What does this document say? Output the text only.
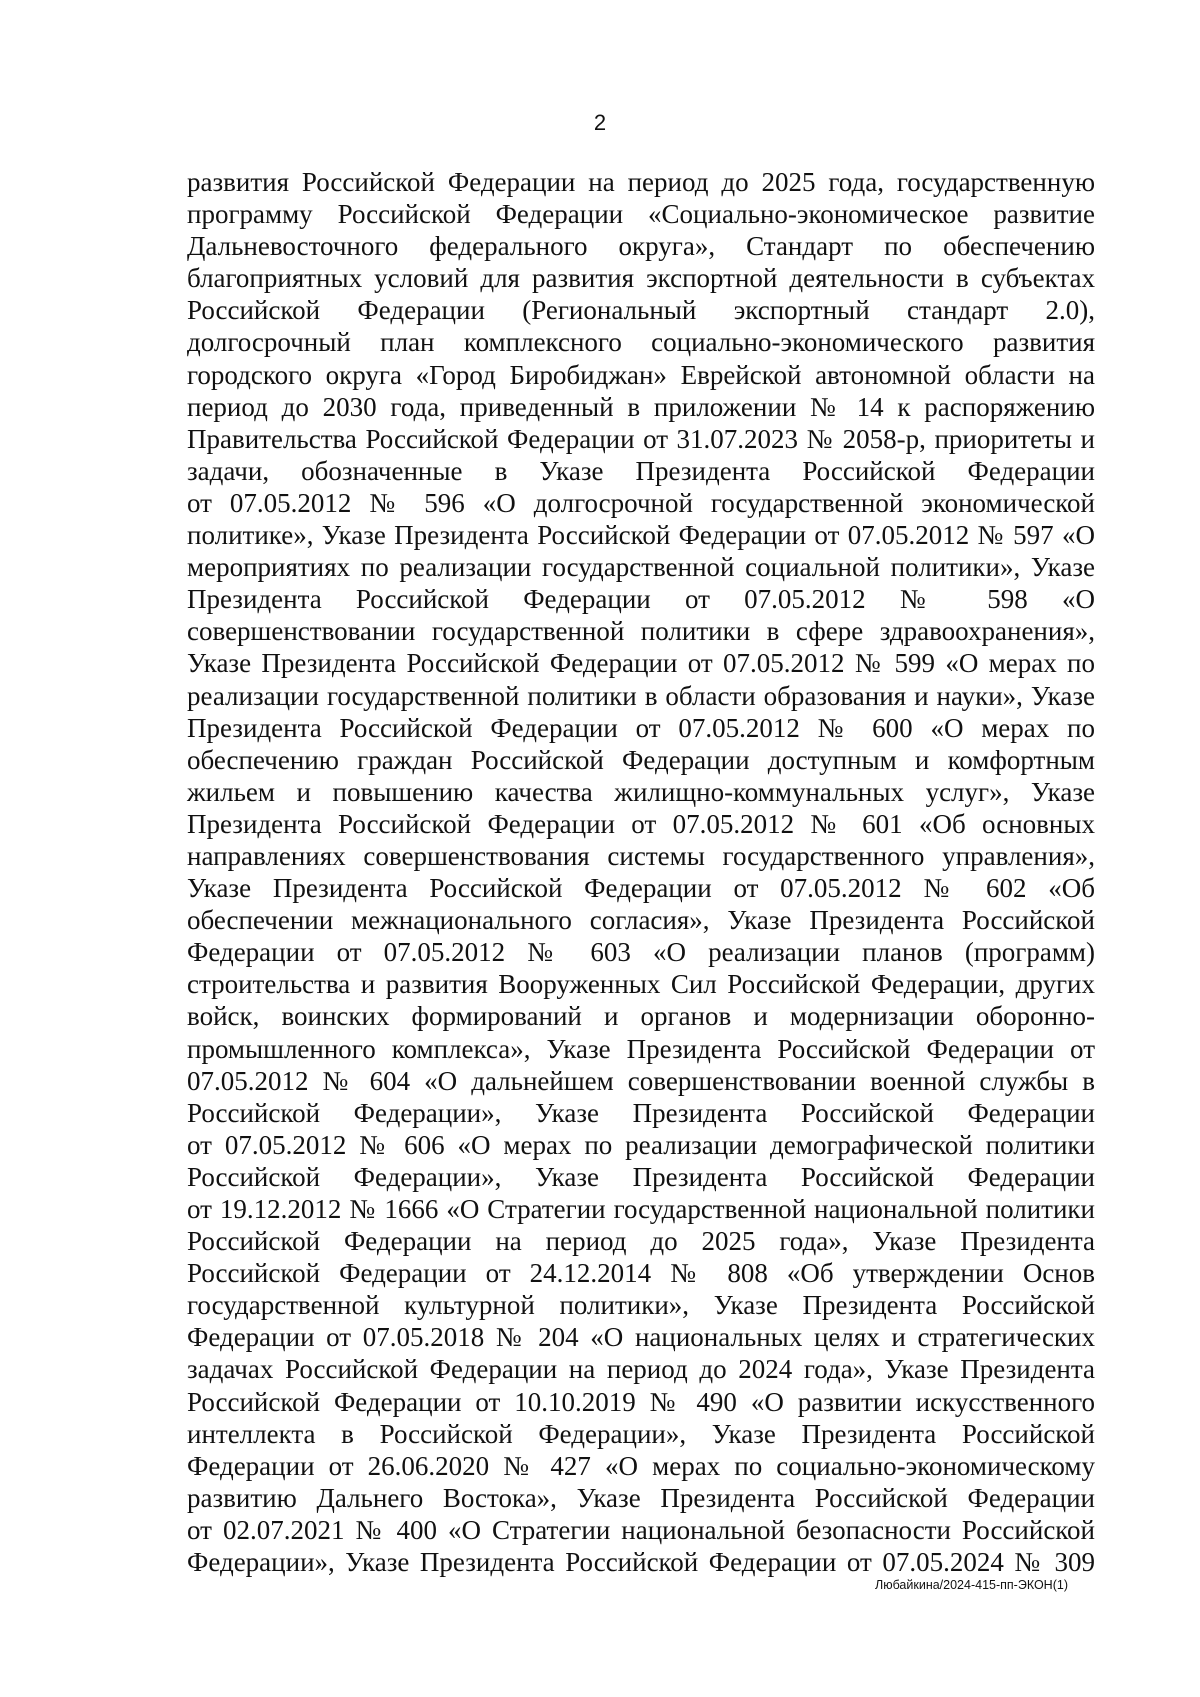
2
развития Российской Федерации на период до 2025 года, государственную
программу Российской Федерации «Социально-экономическое развитие
Дальневосточного федерального округа», Стандарт по обеспечению
благоприятных условий для развития экспортной деятельности в субъектах
Российской Федерации (Региональный экспортный стандарт 2.0),
долгосрочный план комплексного социально-экономического развития
городского округа «Город Биробиджан» Еврейской автономной области на
период до 2030 года, приведенный в приложении № 14 к распоряжению
Правительства Российской Федерации от 31.07.2023 № 2058-р, приоритеты и
задачи, обозначенные в Указе Президента Российской Федерации
от 07.05.2012 № 596 «О долгосрочной государственной экономической
политике», Указе Президента Российской Федерации от 07.05.2012 № 597 «О
мероприятиях по реализации государственной социальной политики», Указе
Президента Российской Федерации от 07.05.2012 № 598 «О
совершенствовании государственной политики в сфере здравоохранения»,
Указе Президента Российской Федерации от 07.05.2012 № 599 «О мерах по
реализации государственной политики в области образования и науки», Указе
Президента Российской Федерации от 07.05.2012 № 600 «О мерах по
обеспечению граждан Российской Федерации доступным и комфортным
жильем и повышению качества жилищно-коммунальных услуг», Указе
Президента Российской Федерации от 07.05.2012 № 601 «Об основных
направлениях совершенствования системы государственного управления»,
Указе Президента Российской Федерации от 07.05.2012 № 602 «Об
обеспечении межнационального согласия», Указе Президента Российской
Федерации от 07.05.2012 № 603 «О реализации планов (программ)
строительства и развития Вооруженных Сил Российской Федерации, других
войск, воинских формирований и органов и модернизации оборонно-
промышленного комплекса», Указе Президента Российской Федерации от
07.05.2012 № 604 «О дальнейшем совершенствовании военной службы в
Российской Федерации», Указе Президента Российской Федерации
от 07.05.2012 № 606 «О мерах по реализации демографической политики
Российской Федерации», Указе Президента Российской Федерации
от 19.12.2012 № 1666 «О Стратегии государственной национальной политики
Российской Федерации на период до 2025 года», Указе Президента
Российской Федерации от 24.12.2014 № 808 «Об утверждении Основ
государственной культурной политики», Указе Президента Российской
Федерации от 07.05.2018 № 204 «О национальных целях и стратегических
задачах Российской Федерации на период до 2024 года», Указе Президента
Российской Федерации от 10.10.2019 № 490 «О развитии искусственного
интеллекта в Российской Федерации», Указе Президента Российской
Федерации от 26.06.2020 № 427 «О мерах по социально-экономическому
развитию Дальнего Востока», Указе Президента Российской Федерации
от 02.07.2021 № 400 «О Стратегии национальной безопасности Российской
Федерации», Указе Президента Российской Федерации от 07.05.2024 № 309
Любайкина/2024-415-пп-ЭКОН(1)
